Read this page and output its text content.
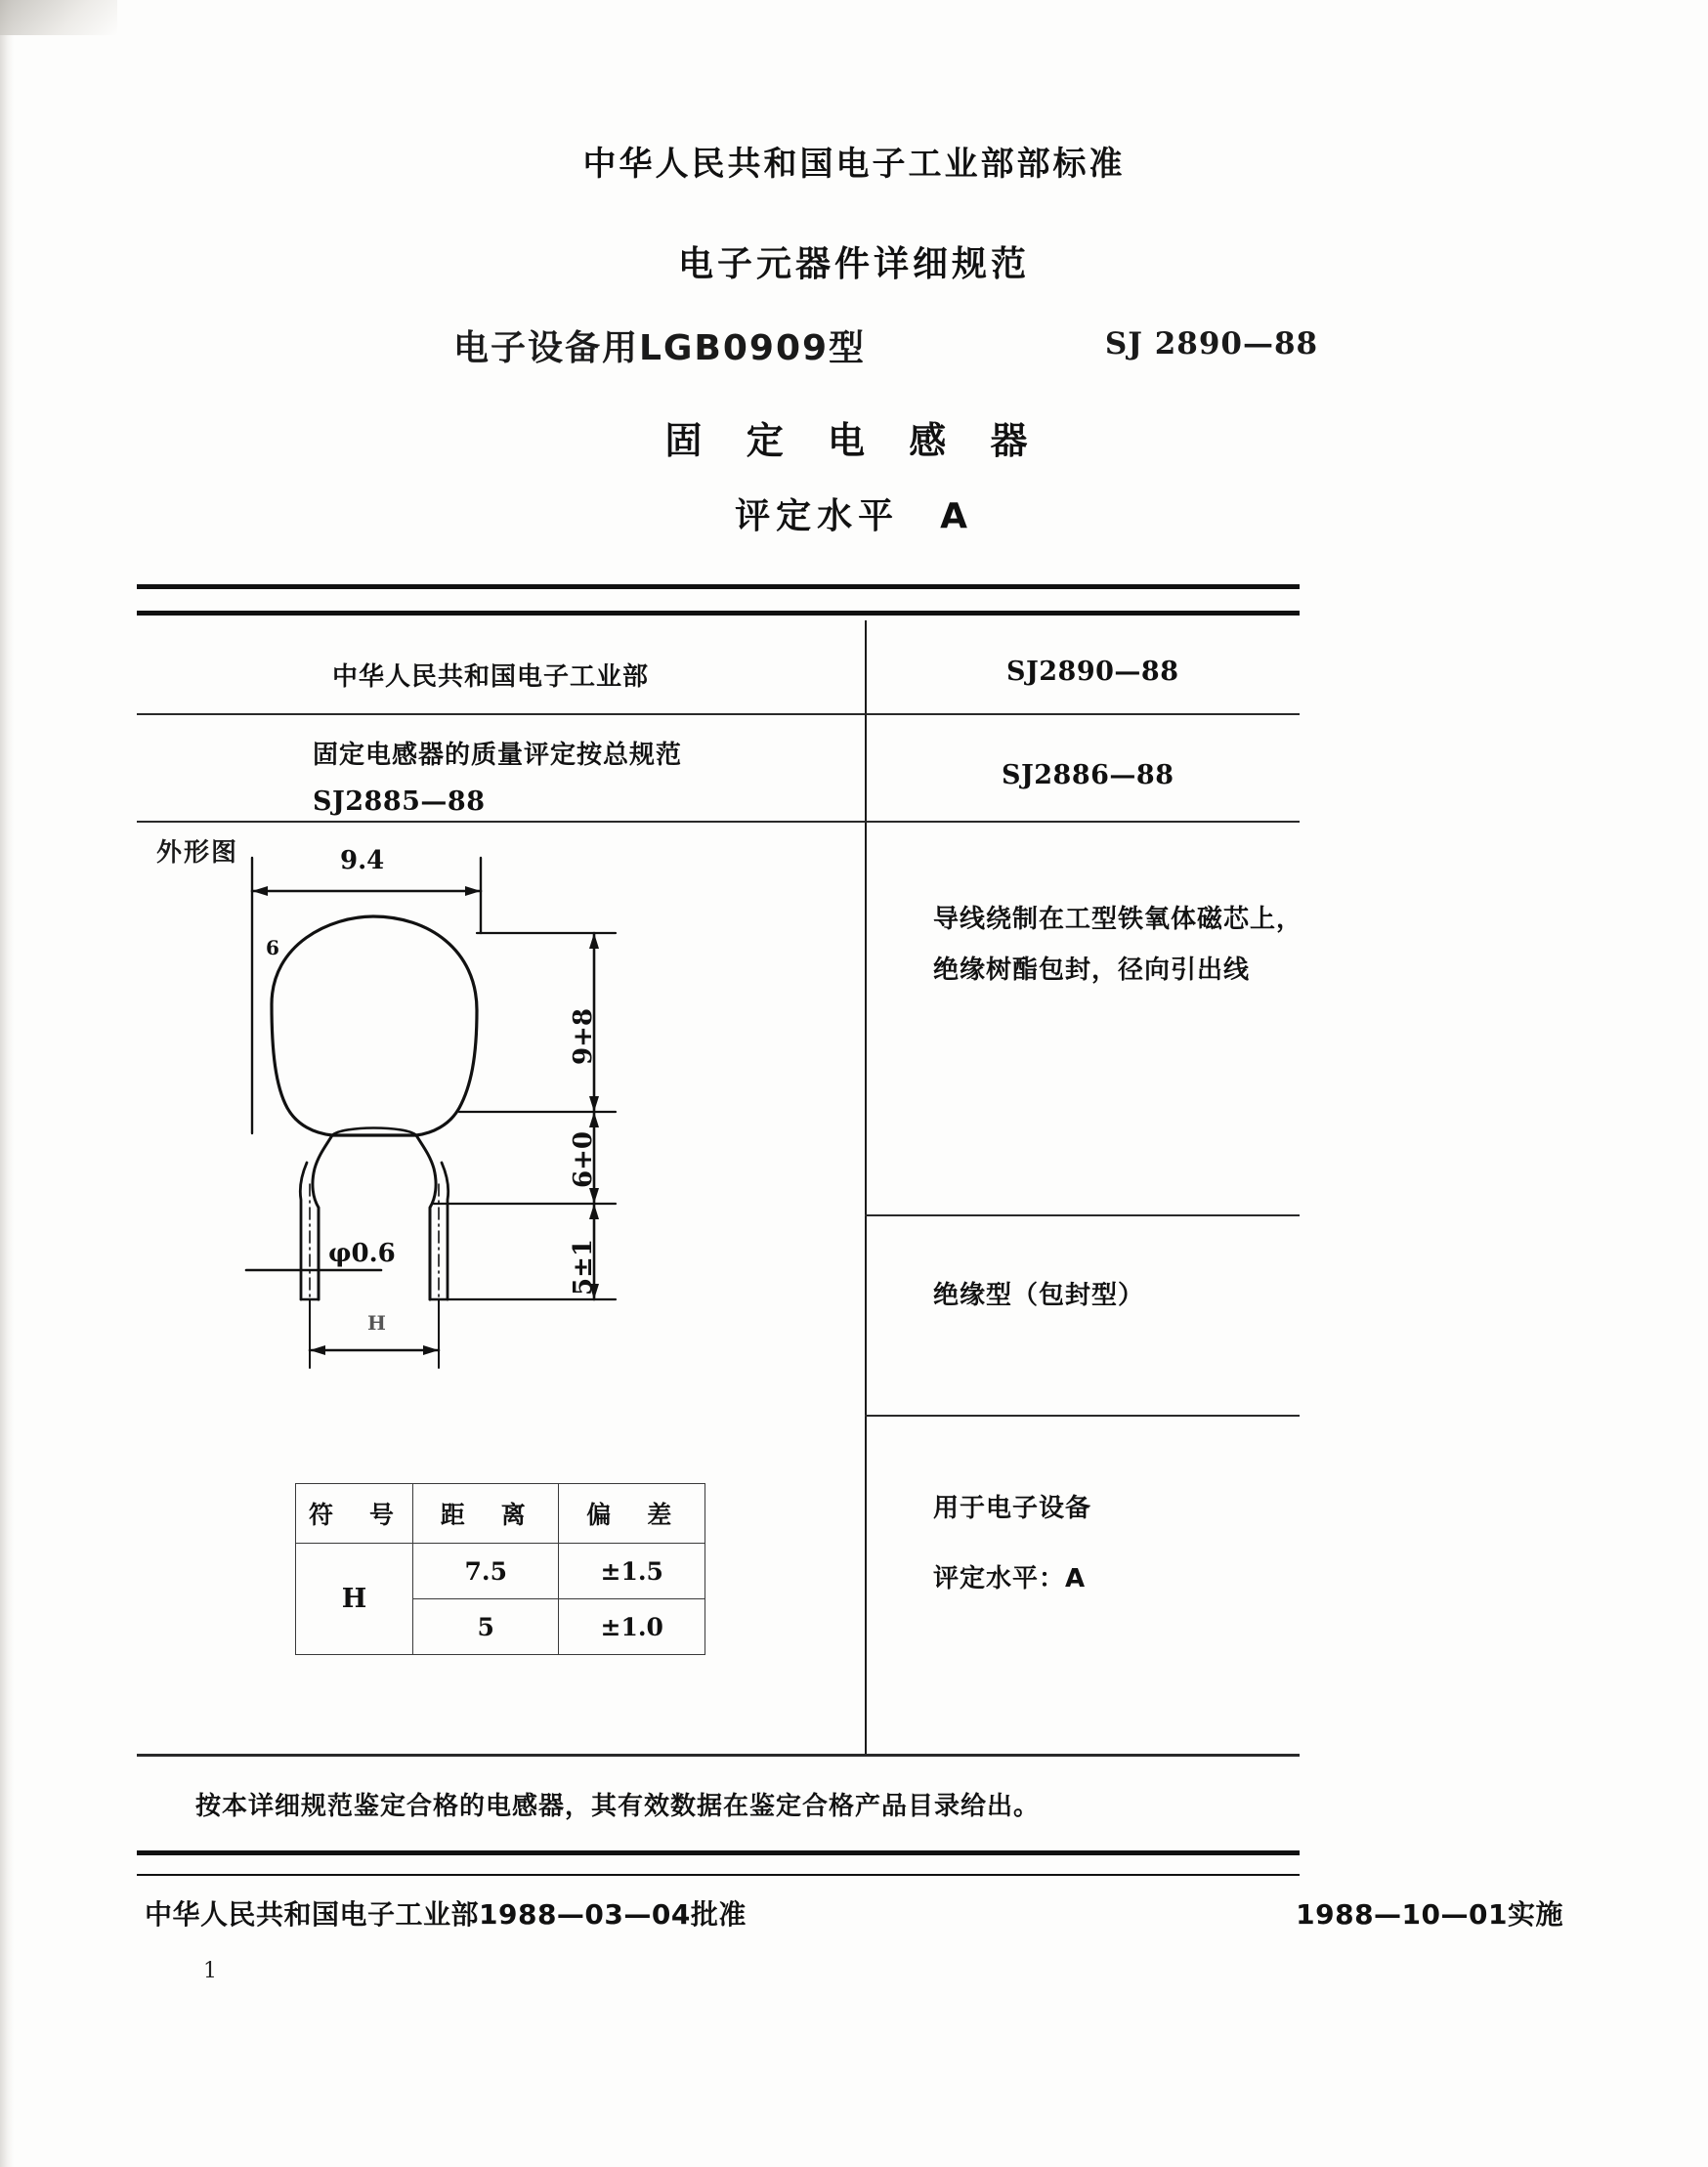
中华人民共和国电子工业部部标准
电子元器件详细规范
电子设备用LGB0909型	SJ 2890—88
固 定 电 感 器
评定水平　A
中华人民共和国电子工业部	SJ2890—88
固定电感器的质量评定按总规范
SJ2885—88
SJ2886—88
外形图	9.4
6
9+8
6+0
5±1
φ0.6
H
导线绕制在工型铁氧体磁芯上，绝缘树酯包封，径向引出线
绝缘型（包封型）
用于电子设备
评定水平：A
符　号	距　离	偏　差
H	7.5	±1.5
	5	±1.0
按本详细规范鉴定合格的电感器，其有效数据在鉴定合格产品目录给出。
中华人民共和国电子工业部1988—03—04批准	1988—10—01实施
1
